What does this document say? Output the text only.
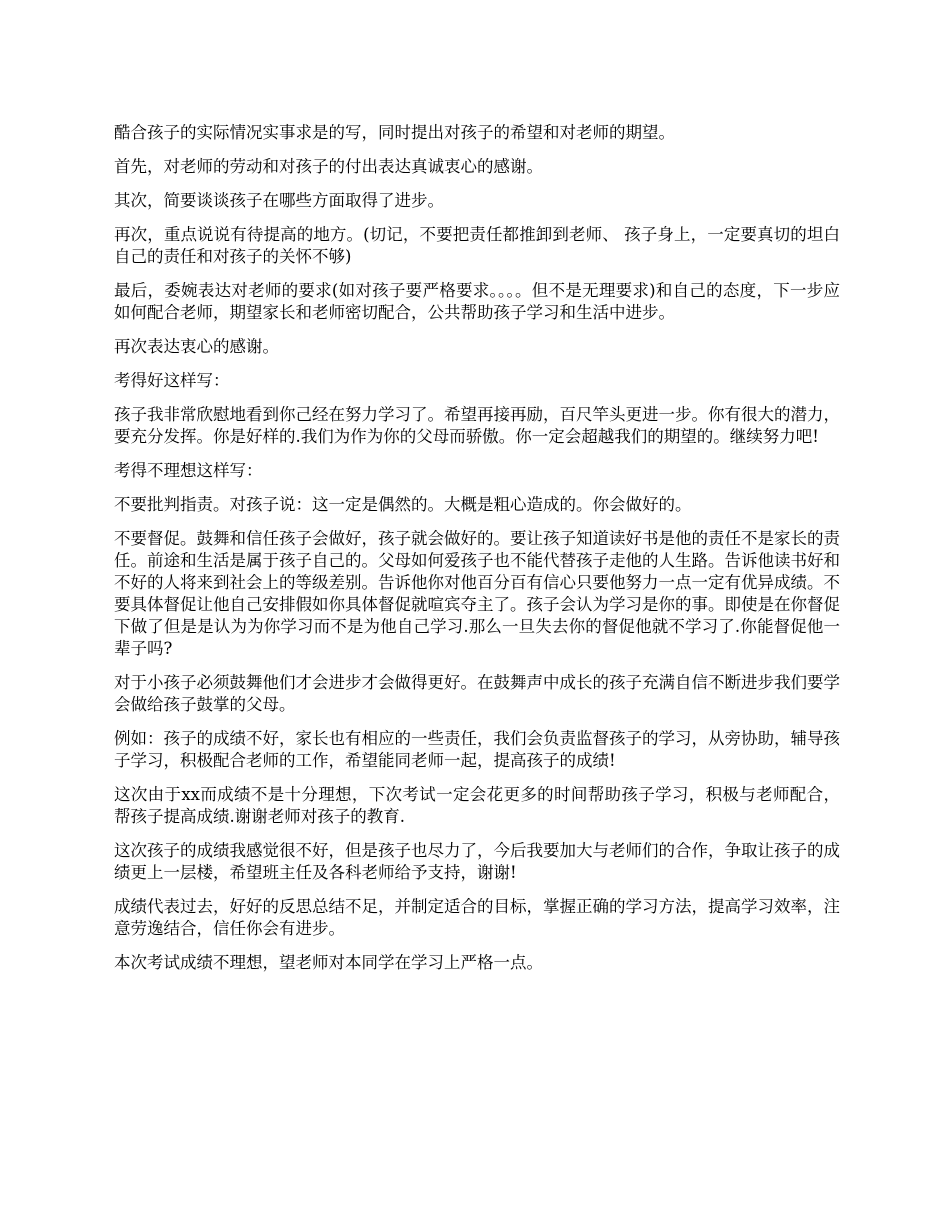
酷合孩子的实际情况实事求是的写，同时提出对孩子的希望和对老师的期望。

首先，对老师的劳动和对孩子的付出表达真诚衷心的感谢。

其次，简要谈谈孩子在哪些方面取得了进步。

再次，重点说说有待提高的地方。(切记，不要把责任都推卸到老师、 孩子身上，一定要真切的坦白自己的责任和对孩子的关怀不够)

最后，委婉表达对老师的要求(如对孩子要严格要求。。。。但不是无理要求)和自己的态度，下一步应如何配合老师，期望家长和老师密切配合，公共帮助孩子学习和生活中进步。

再次表达衷心的感谢。

考得好这样写：

孩子我非常欣慰地看到你己经在努力学习了。希望再接再励，百尺竿头更进一步。你有很大的潜力，要充分发挥。你是好样的.我们为作为你的父母而骄傲。你一定会超越我们的期望的。继续努力吧!

考得不理想这样写：

不要批判指责。对孩子说：这一定是偶然的。大概是粗心造成的。你会做好的。

不要督促。鼓舞和信任孩子会做好，孩子就会做好的。要让孩子知道读好书是他的责任不是家长的责任。前途和生活是属于孩子自己的。父母如何爱孩子也不能代替孩子走他的人生路。告诉他读书好和不好的人将来到社会上的等级差别。告诉他你对他百分百有信心只要他努力一点一定有优异成绩。不要具体督促让他自己安排假如你具体督促就喧宾夺主了。孩子会认为学习是你的事。即使是在你督促下做了但是是认为为你学习而不是为他自己学习.那么一旦失去你的督促他就不学习了.你能督促他一辈子吗?

对于小孩子必须鼓舞他们才会进步才会做得更好。在鼓舞声中成长的孩子充满自信不断进步我们要学会做给孩子鼓掌的父母。

例如：孩子的成绩不好，家长也有相应的一些责任，我们会负责监督孩子的学习，从旁协助，辅导孩子学习，积极配合老师的工作，希望能同老师一起，提高孩子的成绩!

这次由于xx而成绩不是十分理想，下次考试一定会花更多的时间帮助孩子学习，积极与老师配合，帮孩子提高成绩.谢谢老师对孩子的教育.

这次孩子的成绩我感觉很不好，但是孩子也尽力了，今后我要加大与老师们的合作，争取让孩子的成绩更上一层楼，希望班主任及各科老师给予支持，谢谢!

成绩代表过去，好好的反思总结不足，并制定适合的目标，掌握正确的学习方法，提高学习效率，注意劳逸结合，信任你会有进步。

本次考试成绩不理想，望老师对本同学在学习上严格一点。
